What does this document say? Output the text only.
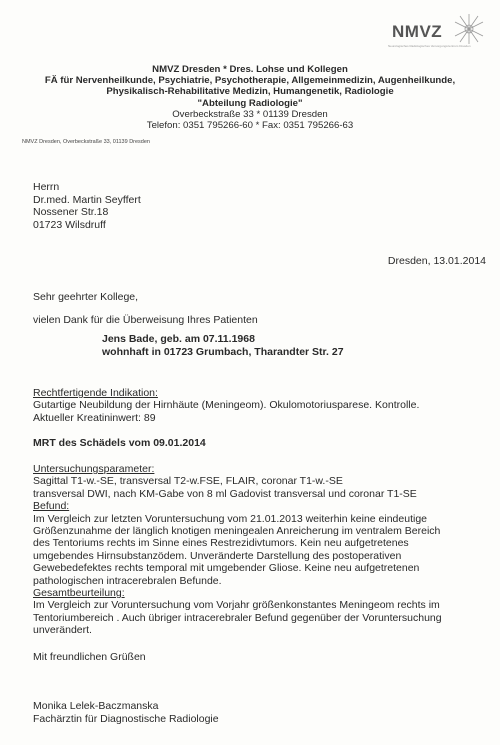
NMVZ
Neurologisches Radiologisches Versorgungszentrum Dresden
NMVZ Dresden * Dres. Lohse und Kollegen
FÄ für Nervenheilkunde, Psychiatrie, Psychotherapie, Allgemeinmedizin, Augenheilkunde,
Physikalisch-Rehabilitative Medizin, Humangenetik, Radiologie
"Abteilung Radiologie"
Overbeckstraße 33 * 01139 Dresden
Telefon: 0351 795266-60 * Fax: 0351 795266-63
NMVZ Dresden, Overbeckstraße 33, 01139 Dresden
Herrn
Dr.med. Martin Seyffert
Nossener Str.18
01723 Wilsdruff
Dresden, 13.01.2014
Sehr geehrter Kollege,
vielen Dank für die Überweisung Ihres Patienten
Jens Bade, geb. am 07.11.1968
wohnhaft in 01723 Grumbach, Tharandter Str. 27
Rechtfertigende Indikation:
Gutartige Neubildung der Hirnhäute (Meningeom). Okulomotoriusparese. Kontrolle.
Aktueller Kreatininwert: 89
MRT des Schädels vom 09.01.2014
Untersuchungsparameter:
Sagittal T1-w.-SE, transversal T2-w.FSE, FLAIR, coronar T1-w.-SE
transversal DWI, nach KM-Gabe von 8 ml Gadovist transversal und coronar T1-SE
Befund:
Im Vergleich zur letzten Voruntersuchung vom 21.01.2013 weiterhin keine eindeutige
Größenzunahme der länglich knotigen meningealen Anreicherung im ventralem Bereich
des Tentoriums rechts im Sinne eines Restrezidivtumors. Kein neu aufgetretenes
umgebendes Hirnsubstanzödem. Unveränderte Darstellung des postoperativen
Gewebedefektes rechts temporal mit umgebender Gliose. Keine neu aufgetretenen
pathologischen intracerebralen Befunde.
Gesamtbeurteilung:
Im Vergleich zur Voruntersuchung vom Vorjahr größenkonstantes Meningeom rechts im
Tentoriumbereich . Auch übriger intracerebraler Befund gegenüber der Voruntersuchung
unverändert.
Mit freundlichen Grüßen
Monika Lelek-Baczmanska
Fachärztin für Diagnostische Radiologie
